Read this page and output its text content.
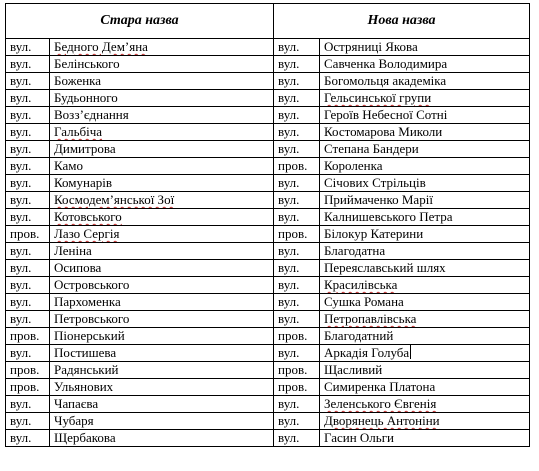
Стара назва		Нова назва	
вул.	Бедного Дем’яна	вул.	Остряниці Якова
вул.	Белінського	вул.	Савченка Володимира
вул.	Боженка	вул.	Богомольця академіка
вул.	Будьонного	вул.	Гельсинської групи
вул.	Возз’єднання	вул.	Героїв Небесної Сотні
вул.	Гальбіча	вул.	Костомарова Миколи
вул.	Димитрова	вул.	Степана Бандери
вул.	Камо	пров.	Короленка
вул.	Комунарів	вул.	Січових Стрільців
вул.	Космодем’янської Зої	вул.	Приймаченко Марії
вул.	Котовського	вул.	Калнишевського Петра
пров.	Лазо Сергія	пров.	Білокур Катерини
вул.	Леніна	вул.	Благодатна
вул.	Осипова	вул.	Переяславський шлях
вул.	Островського	вул.	Красилівська
вул.	Пархоменка	вул.	Сушка Романа
вул.	Петровського	вул.	Петропавлівська
пров.	Піонерський	пров.	Благодатний
вул.	Постишева	вул.	Аркадія Голуба
пров.	Радянський	пров.	Щасливий
пров.	Ульянових	пров.	Симиренка Платона
вул.	Чапаєва	вул.	Зеленського Євгенія
вул.	Чубаря	вул.	Дворянець Антоніни
вул.	Щербакова	вул.	Гасин Ольги
